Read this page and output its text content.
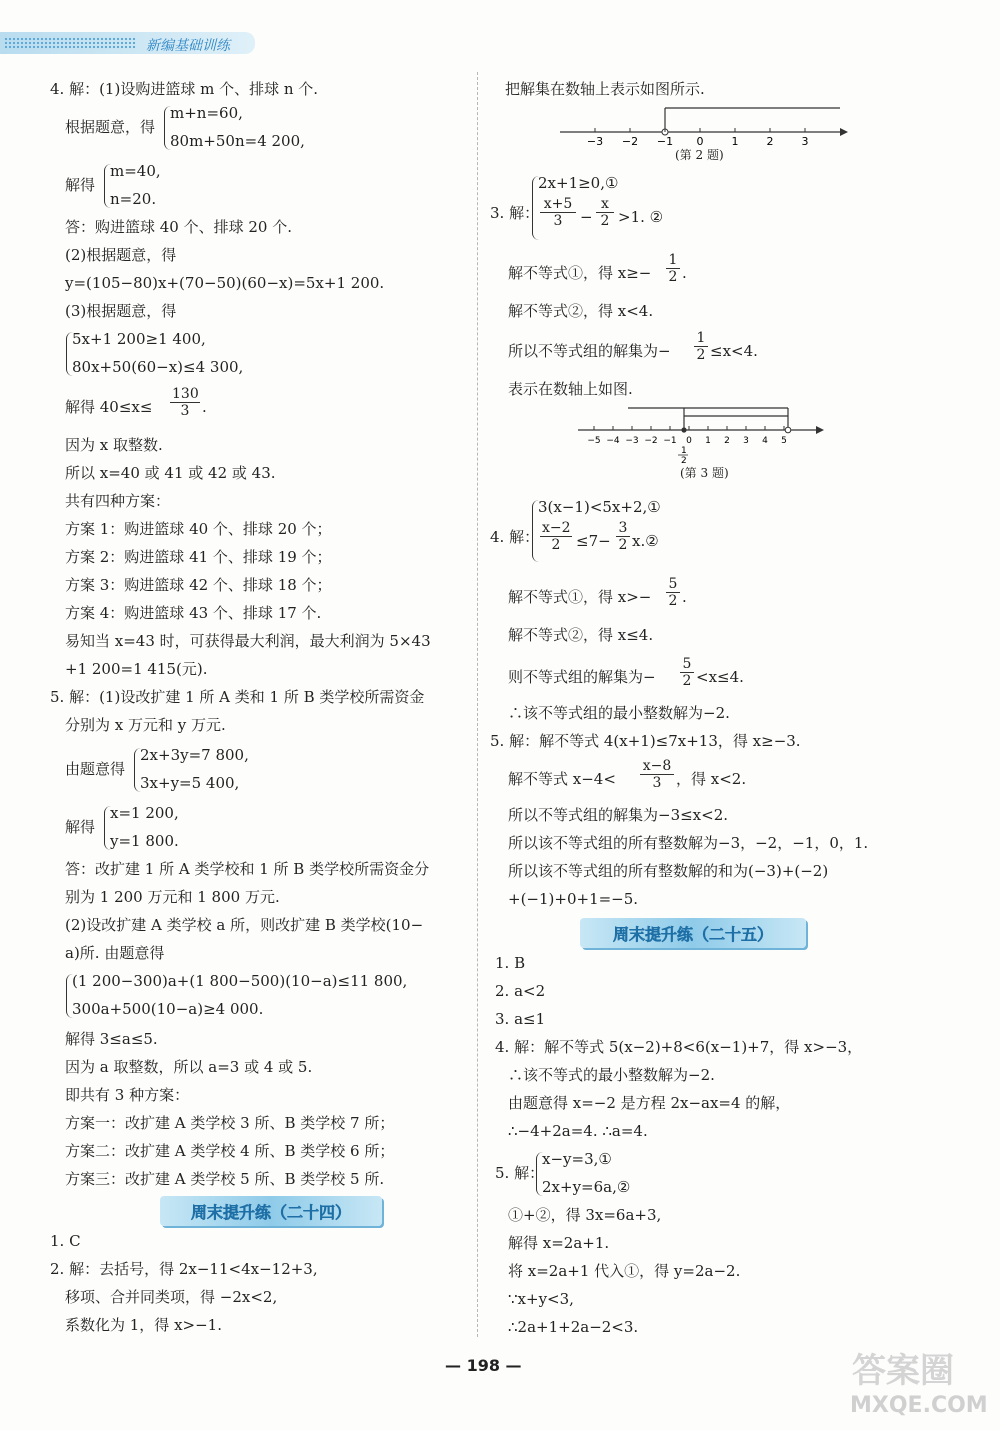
新编基础训练
4. 解：(1)设购进篮球 m 个、排球 n 个.
根据题意，得
m+n=60,
80m+50n=4 200,
解得
m=40,
n=20.
答：购进篮球 40 个、排球 20 个.
(2)根据题意，得
y=(105−80)x+(70−50)(60−x)=5x+1 200.
(3)根据题意，得
5x+1 200≥1 400,
80x+50(60−x)≤4 300,
解得 $40\le x\le \frac{130}{3}$ .
因为 x 取整数.
所以 x=40 或 41 或 42 或 43.
共有四种方案：
方案 1：购进篮球 40 个、排球 20 个；
方案 2：购进篮球 41 个、排球 19 个；
方案 3：购进篮球 42 个、排球 18 个；
方案 4：购进篮球 43 个、排球 17 个.
易知当 x=43 时，可获得最大利润，最大利润为 5×43
+1 200=1 415(元).
5. 解：(1)设改扩建 1 所 A 类和 1 所 B 类学校所需资金
分别为 x 万元和 y 万元.
由题意得
2x+3y=7 800,
3x+y=5 400,
解得
x=1 200,
y=1 800.
答：改扩建 1 所 A 类学校和 1 所 B 类学校所需资金分
别为 1 200 万元和 1 800 万元.
(2)设改扩建 A 类学校 a 所，则改扩建 B 类学校(10−
a)所. 由题意得
(1 200−300)a+(1 800−500)(10−a)≤11 800,
300a+500(10−a)≥4 000.
解得 3≤a≤5.
因为 a 取整数，所以 a=3 或 4 或 5.
即共有 3 种方案：
方案一：改扩建 A 类学校 3 所、B 类学校 7 所；
方案二：改扩建 A 类学校 4 所、B 类学校 6 所；
方案三：改扩建 A 类学校 5 所、B 类学校 5 所.
周末提升练（二十四）
1. C
2. 解：去括号，得 2x−11<4x−12+3,
移项、合并同类项，得 −2x<2,
系数化为 1，得 x>−1.
把解集在数轴上表示如图所示.
−3 −2 −1 0	1	2	3
(第 2 题)
2x+1≥0,①
3. 解： $\frac{x+5}{3} - \frac{x}{2} >1$. ②
解不等式①，得 $x\ge- \frac{1}{2}$ .
解不等式②，得 x<4.
所以不等式组的解集为− $\frac{1}{2} \le x<4$.
表示在数轴上如图.
−5 −4 −3 −2 −1 0 1 2 3 4 5
1
2
(第 3 题)
3(x−1)<5x+2,①
4. 解： $\frac{x-2}{2} \le 7- \frac{3}{2}$ x.②
解不等式①，得 $x>- \frac{5}{2}$ .
解不等式②，得 x≤4.
则不等式组的解集为− $\frac{5}{2} <x\le 4$.
∴该不等式组的最小整数解为−2.
5. 解：解不等式 4(x+1)≤7x+13，得 x≥−3.
解不等式 $x-4< \frac{x-8}{3}$ ，得 x<2.
所以不等式组的解集为−3≤x<2.
所以该不等式组的所有整数解为−3，−2，−1，0，1.
所以该不等式组的所有整数解的和为(−3)+(−2)
+(−1)+0+1=−5.
周末提升练（二十五）
1. B
2. a<2
3. a≤1
4. 解：解不等式 5(x−2)+8<6(x−1)+7，得 x>−3，
∴该不等式的最小整数解为−2.
由题意得 x=−2 是方程 2x−ax=4 的解，
∴−4+2a=4. ∴a=4.
x−y=3,①
5. 解：
2x+y=6a,②
①+②，得 3x=6a+3,
解得 x=2a+1.
将 x=2a+1 代入①，得 y=2a−2.
∵x+y<3,
∴2a+1+2a−2<3.
— 198 —	答案圈
MXQE.COM
